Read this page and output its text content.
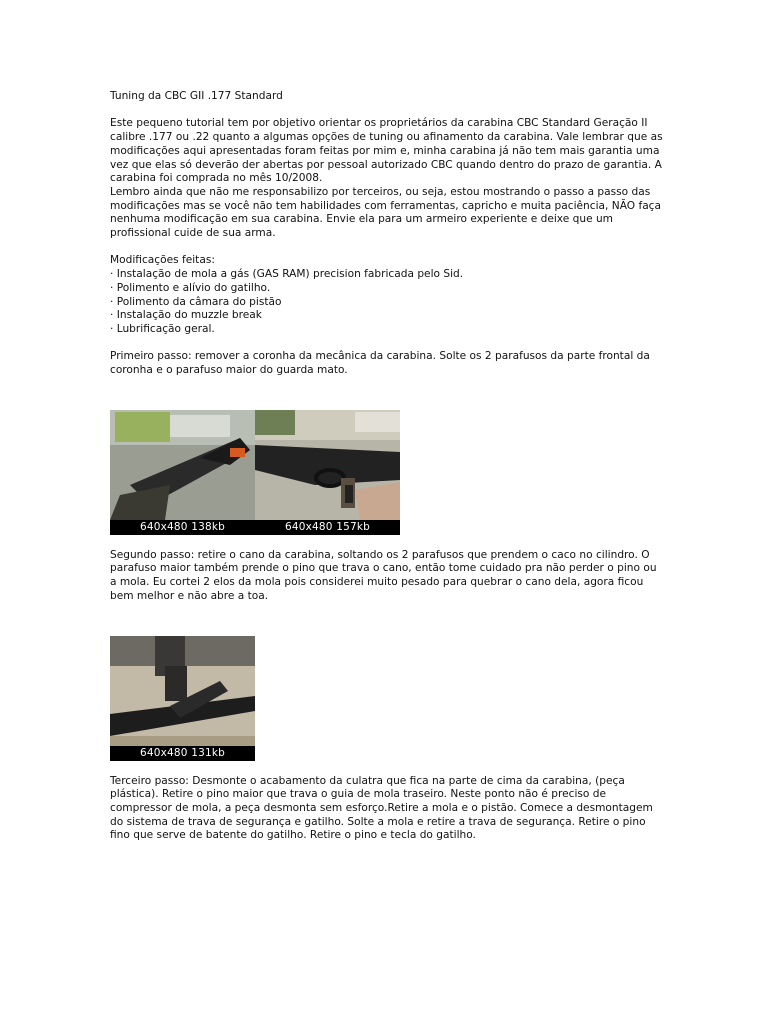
Tuning da CBC GII .177 Standard

Este pequeno tutorial tem por objetivo orientar os proprietários da carabina CBC Standard Geração II calibre .177 ou .22 quanto a algumas opções de tuning ou afinamento da carabina. Vale lembrar que as modificações aqui apresentadas foram feitas por mim e, minha carabina já não tem mais garantia uma vez que elas só deverão der abertas por pessoal autorizado CBC quando dentro do prazo de garantia. A carabina foi comprada no mês 10/2008.

Lembro ainda que não me responsabilizo por terceiros, ou seja, estou mostrando o passo a passo das modificações mas se você não tem habilidades com ferramentas, capricho e muita paciência, NÃO faça nenhuma modificação em sua carabina. Envie ela para um armeiro experiente e deixe que um profissional cuide de sua arma.

Modificações feitas:

· Instalação de mola a gás (GAS RAM) precision fabricada pelo Sid.
· Polimento e alívio do gatilho.
· Polimento da câmara do pistão
· Instalação do muzzle break
· Lubrificação geral.

Primeiro passo: remover a coronha da mecânica da carabina. Solte os 2 parafusos da parte frontal da coronha e o parafuso maior do guarda mato.

640x480 138kb	640x480 157kb

Segundo passo: retire o cano da carabina, soltando os 2 parafusos que prendem o caco no cilindro. O parafuso maior também prende o pino que trava o cano, então tome cuidado pra não perder o pino ou a mola. Eu cortei 2 elos da mola pois considerei muito pesado para quebrar o cano dela, agora ficou bem melhor e não abre a toa.

640x480 131kb

Terceiro passo: Desmonte o acabamento da culatra que fica na parte de cima da carabina, (peça plástica). Retire o pino maior que trava o guia de mola traseiro. Neste ponto não é preciso de compressor de mola, a peça desmonta sem esforço.Retire a mola e o pistão. Comece a desmontagem do sistema de trava de segurança e gatilho. Solte a mola e retire a trava de segurança. Retire o pino fino que serve de batente do gatilho. Retire o pino e tecla do gatilho.
